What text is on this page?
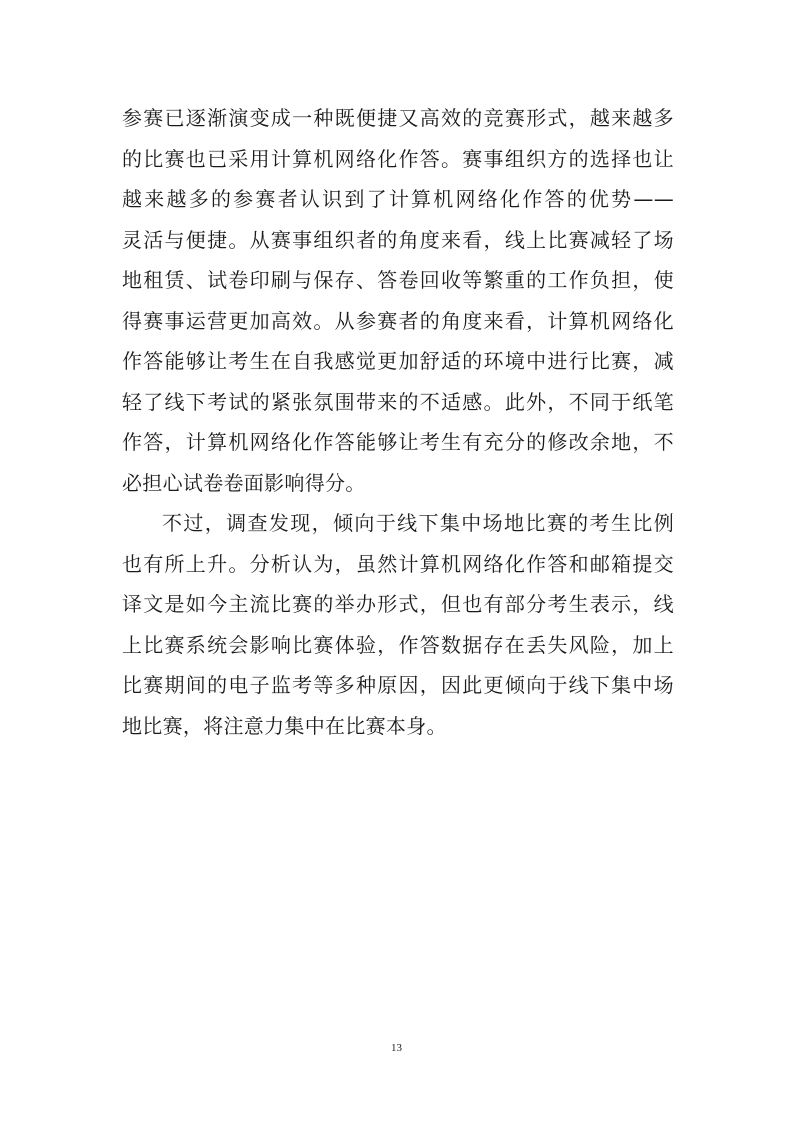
参赛已逐渐演变成一种既便捷又高效的竞赛形式，越来越多
的比赛也已采用计算机网络化作答。赛事组织方的选择也让
越来越多的参赛者认识到了计算机网络化作答的优势——
灵活与便捷。从赛事组织者的角度来看，线上比赛减轻了场
地租赁、试卷印刷与保存、答卷回收等繁重的工作负担，使
得赛事运营更加高效。从参赛者的角度来看，计算机网络化
作答能够让考生在自我感觉更加舒适的环境中进行比赛，减
轻了线下考试的紧张氛围带来的不适感。此外，不同于纸笔
作答，计算机网络化作答能够让考生有充分的修改余地，不
必担心试卷卷面影响得分。
不过，调查发现，倾向于线下集中场地比赛的考生比例
也有所上升。分析认为，虽然计算机网络化作答和邮箱提交
译文是如今主流比赛的举办形式，但也有部分考生表示，线
上比赛系统会影响比赛体验，作答数据存在丢失风险，加上
比赛期间的电子监考等多种原因，因此更倾向于线下集中场
地比赛，将注意力集中在比赛本身。
13
